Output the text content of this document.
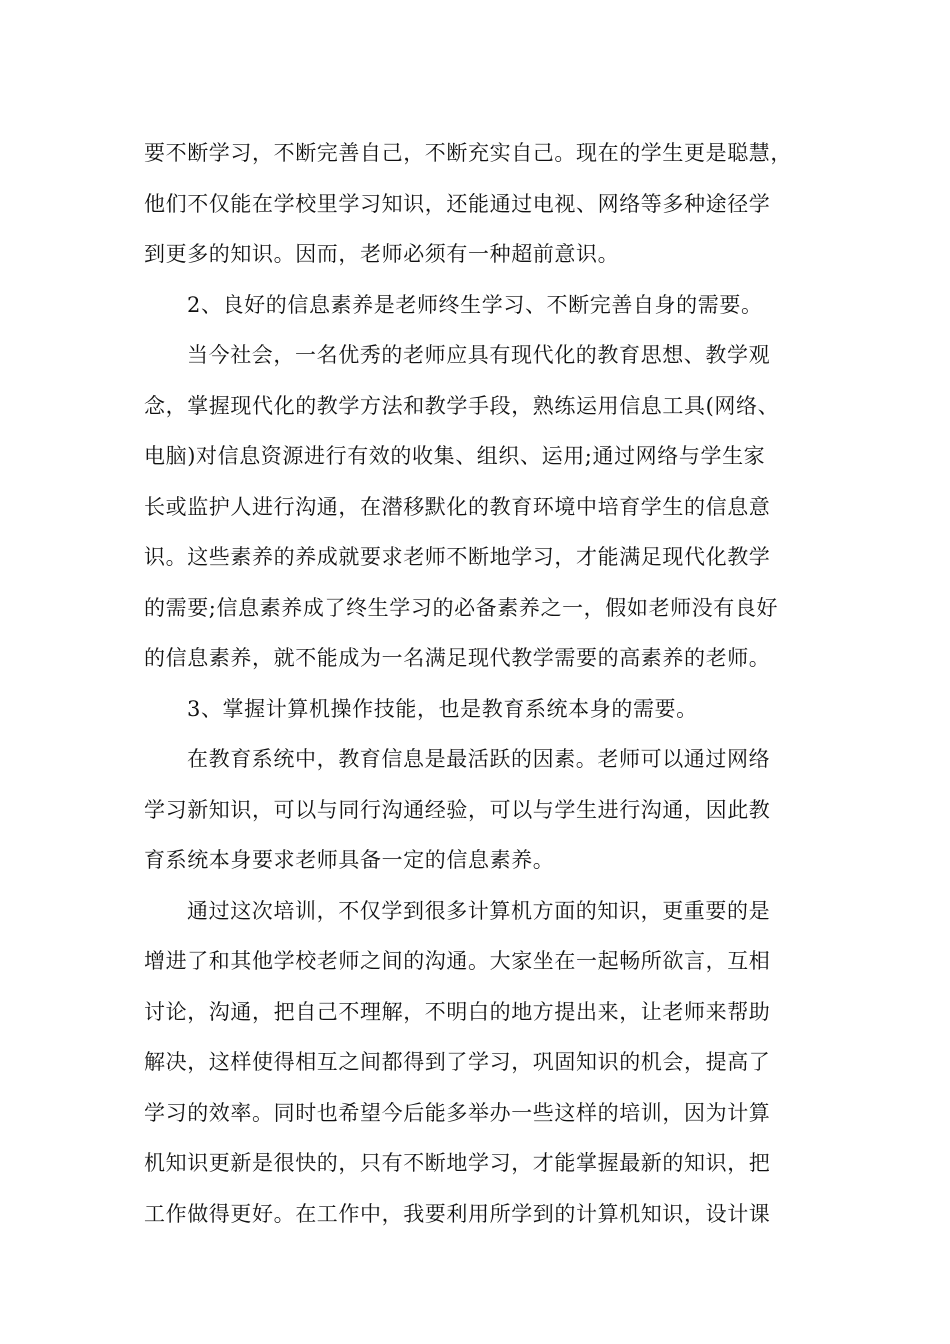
要不断学习，不断完善自己，不断充实自己。现在的学生更是聪慧，
他们不仅能在学校里学习知识，还能通过电视、网络等多种途径学
到更多的知识。因而，老师必须有一种超前意识。
2、良好的信息素养是老师终生学习、不断完善自身的需要。
当今社会，一名优秀的老师应具有现代化的教育思想、教学观
念，掌握现代化的教学方法和教学手段，熟练运用信息工具(网络、
电脑)对信息资源进行有效的收集、组织、运用;通过网络与学生家
长或监护人进行沟通，在潜移默化的教育环境中培育学生的信息意
识。这些素养的养成就要求老师不断地学习，才能满足现代化教学
的需要;信息素养成了终生学习的必备素养之一，假如老师没有良好
的信息素养，就不能成为一名满足现代教学需要的高素养的老师。
3、掌握计算机操作技能，也是教育系统本身的需要。
在教育系统中，教育信息是最活跃的因素。老师可以通过网络
学习新知识，可以与同行沟通经验，可以与学生进行沟通，因此教
育系统本身要求老师具备一定的信息素养。
通过这次培训，不仅学到很多计算机方面的知识，更重要的是
增进了和其他学校老师之间的沟通。大家坐在一起畅所欲言，互相
讨论，沟通，把自己不理解，不明白的地方提出来，让老师来帮助
解决，这样使得相互之间都得到了学习，巩固知识的机会，提高了
学习的效率。同时也希望今后能多举办一些这样的培训，因为计算
机知识更新是很快的，只有不断地学习，才能掌握最新的知识，把
工作做得更好。在工作中，我要利用所学到的计算机知识，设计课
